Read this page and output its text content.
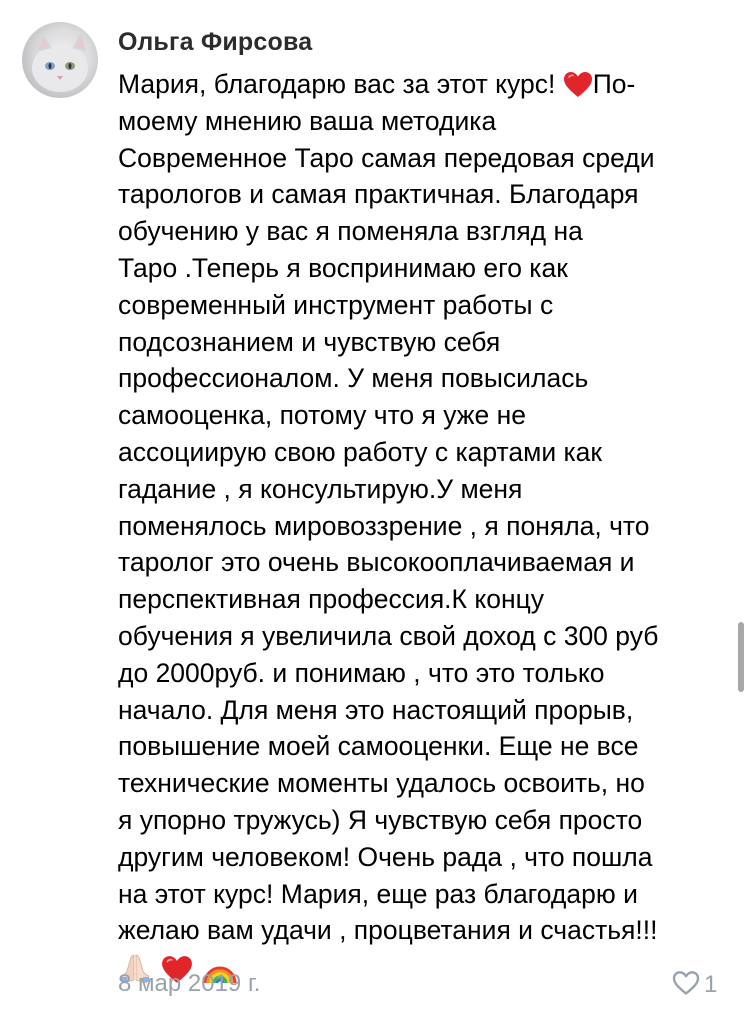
Ольга Фирсова
Мария, благодарю вас за этот курс! По-
моему мнению ваша методика
Современное Таро самая передовая среди
тарологов и самая практичная. Благодаря
обучению у вас я поменяла взгляд на
Таро .Теперь я воспринимаю его как
современный инструмент работы с
подсознанием и чувствую себя
профессионалом. У меня повысилась
самооценка, потому что я уже не
ассоциирую свою работу с картами как
гадание , я консультирую.У меня
поменялось мировоззрение , я поняла, что
таролог это очень высокооплачиваемая и
перспективная профессия.К концу
обучения я увеличила свой доход с 300 руб
до 2000руб. и понимаю , что это только
начало. Для меня это настоящий прорыв,
повышение моей самооценки. Еще не все
технические моменты удалось освоить, но
я упорно тружусь) Я чувствую себя просто
другим человеком! Очень рада , что пошла
на этот курс! Мария, еще раз благодарю и
желаю вам удачи , процветания и счастья!!!

8 мар 2019 г.	1
